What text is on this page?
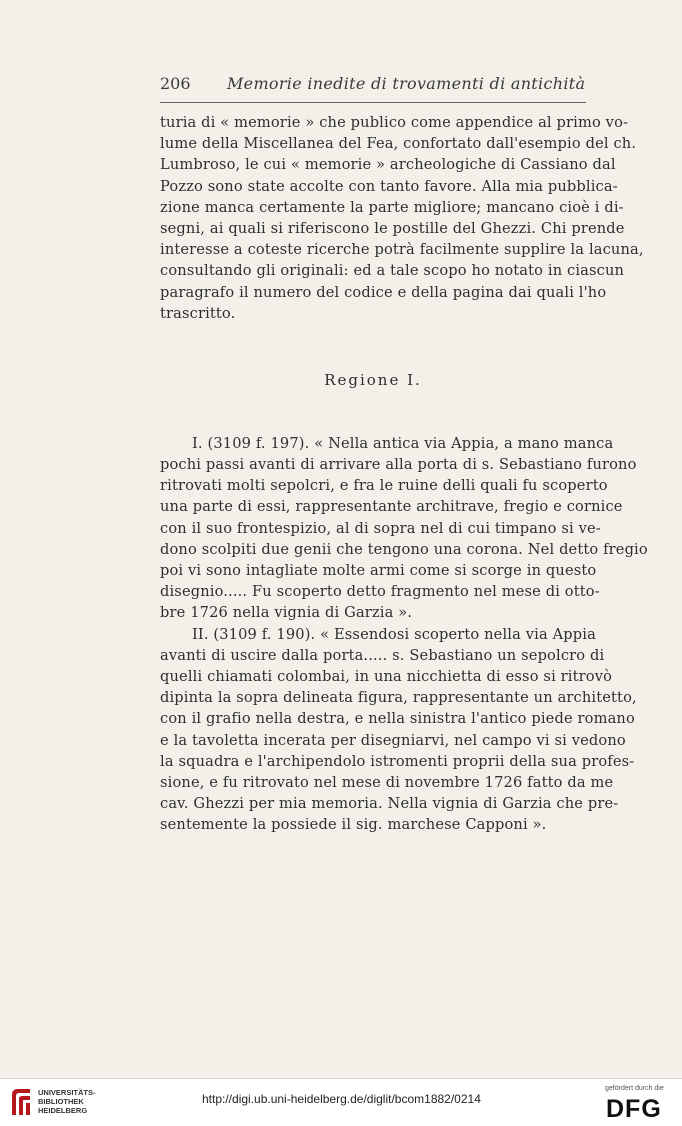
206 Memorie inedite di trovamenti di antichità
turia di « memorie » che publico come appendice al primo vo-
lume della Miscellanea del Fea, confortato dall'esempio del ch.
Lumbroso, le cui « memorie » archeologiche di Cassiano dal
Pozzo sono state accolte con tanto favore. Alla mia pubblica-
zione manca certamente la parte migliore; mancano cioè i di-
segni, ai quali si riferiscono le postille del Ghezzi. Chi prende
interesse a coteste ricerche potrà facilmente supplire la lacuna,
consultando gli originali: ed a tale scopo ho notato in ciascun
paragrafo il numero del codice e della pagina dai quali l'ho
trascritto.
I. (3109 f. 197). « Nella antica via Appia, a mano manca
pochi passi avanti di arrivare alla porta di s. Sebastiano furono
ritrovati molti sepolcri, e fra le ruine delli quali fu scoperto
una parte di essi, rappresentante architrave, fregio e cornice
con il suo frontespizio, al di sopra nel di cui timpano si ve-
dono scolpiti due genii che tengono una corona. Nel detto fregio
poi vi sono intagliate molte armi come si scorge in questo
disegnio..... Fu scoperto detto fragmento nel mese di otto-
bre 1726 nella vignia di Garzia ».
II. (3109 f. 190). « Essendosi scoperto nella via Appia
avanti di uscire dalla porta..... s. Sebastiano un sepolcro di
quelli chiamati colombai, in una nicchietta di esso si ritrovò
dipinta la sopra delineata figura, rappresentante un architetto,
con il grafio nella destra, e nella sinistra l'antico piede romano
e la tavoletta incerata per disegniarvi, nel campo vi si vedono
la squadra e l'archipendolo istromenti proprii della sua profes-
sione, e fu ritrovato nel mese di novembre 1726 fatto da me
cav. Ghezzi per mia memoria. Nella vignia di Garzia che pre-
sentemente la possiede il sig. marchese Capponi ».
Regione I.
UNIVERSITÄTS-
BIBLIOTHEK
HEIDELBERG
http://digi.ub.uni-heidelberg.de/diglit/bcom1882/0214
gefördert durch die
DFG
